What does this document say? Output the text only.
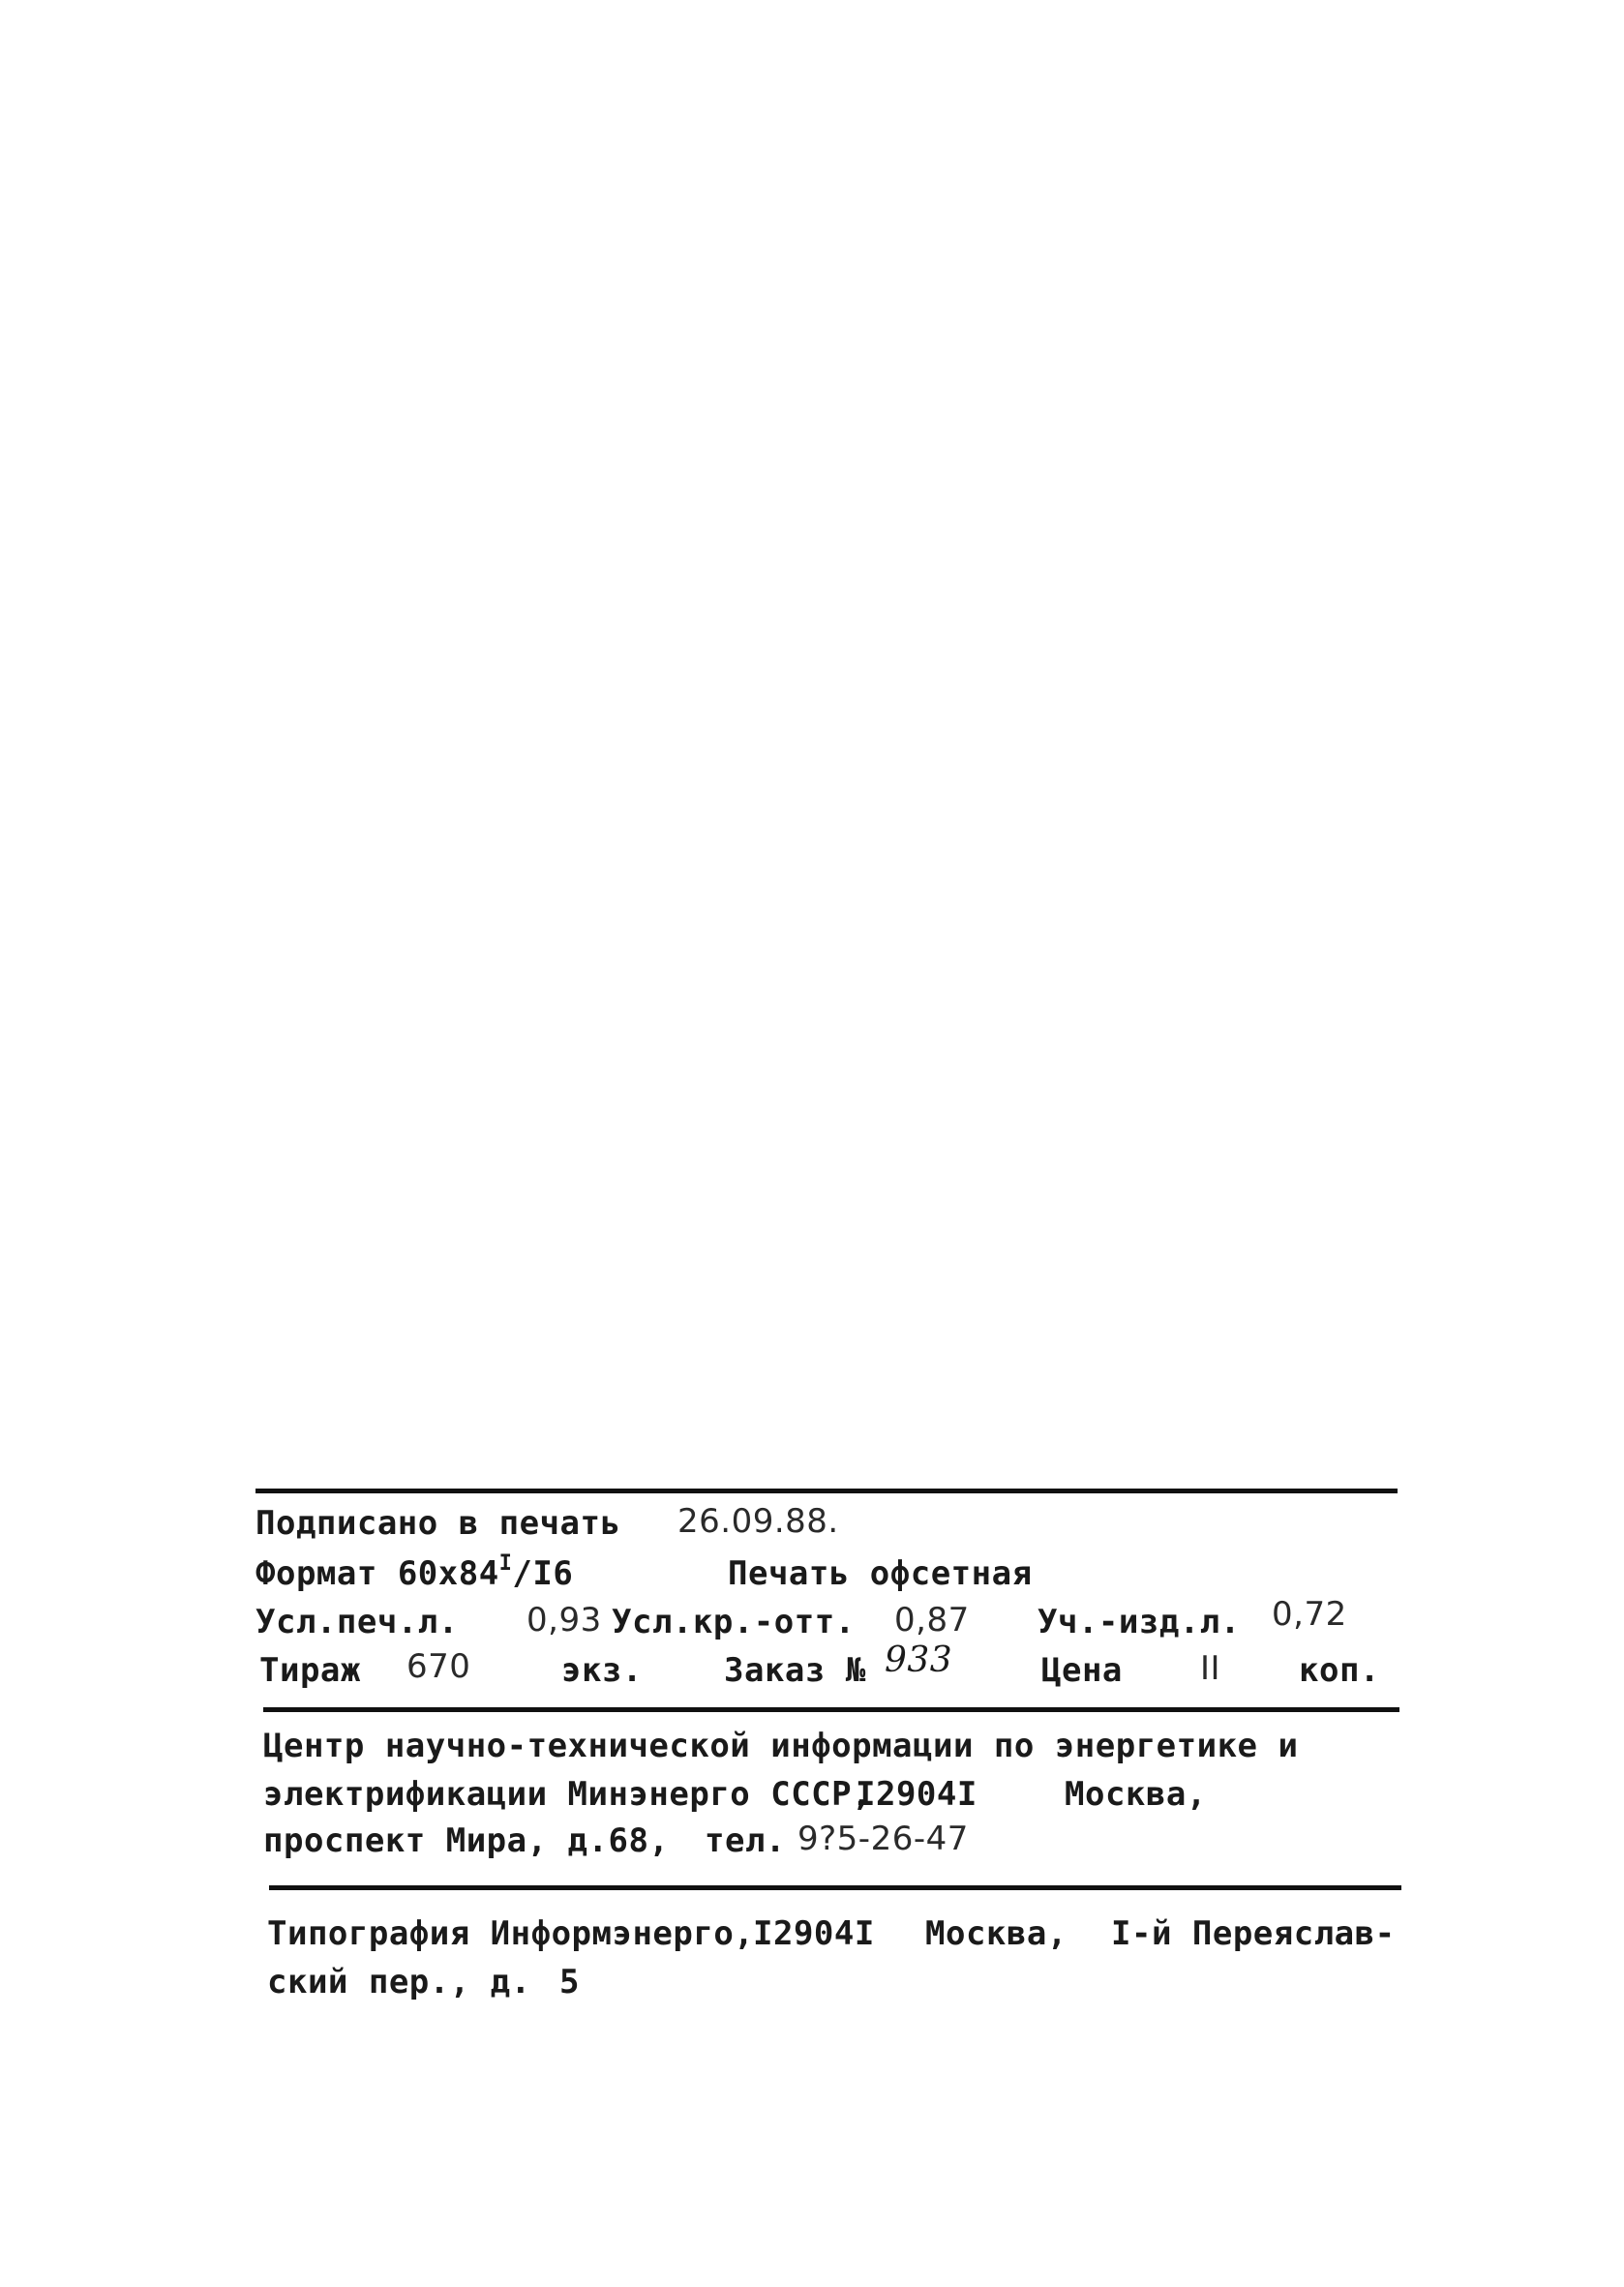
Подписано в печать 26.09.88.
Формат $60х84^I/I6$	Печать офсетная
Усл.печ.л. 0,93 Усл.кр.-отт. 0,87 Уч.-изд.л. 0,72
Тираж 670	экз. Заказ № 933	Цена II коп.
Центр научно-технической информации по энергетике и
электрификации Минэнерго СССР,
I2904I	Москва,
проспект Мира, д.68, тел. 9?5-26-47
Типография Информэнерго,
I2904I Москва, I-й Переяслав-
ский пер., д. 5
